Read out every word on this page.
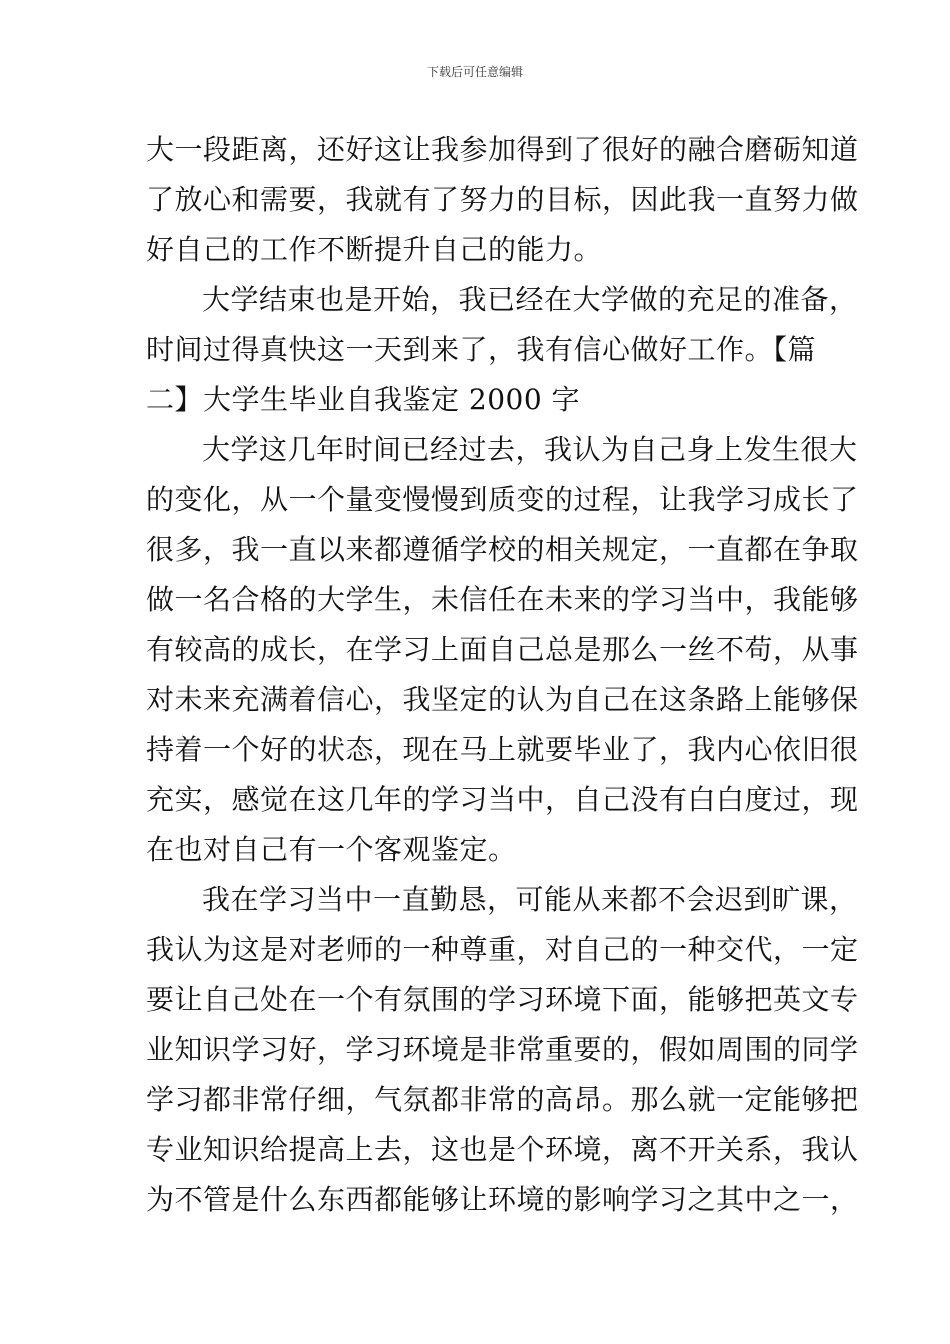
下载后可任意编辑
大一段距离，还好这让我参加得到了很好的融合磨砺知道
了放心和需要，我就有了努力的目标，因此我一直努力做
好自己的工作不断提升自己的能力。
大学结束也是开始，我已经在大学做的充足的准备，
时间过得真快这一天到来了，我有信心做好工作。【篇
二】大学生毕业自我鉴定 2000 字
大学这几年时间已经过去，我认为自己身上发生很大
的变化，从一个量变慢慢到质变的过程，让我学习成长了
很多，我一直以来都遵循学校的相关规定，一直都在争取
做一名合格的大学生，未信任在未来的学习当中，我能够
有较高的成长，在学习上面自己总是那么一丝不苟，从事
对未来充满着信心，我坚定的认为自己在这条路上能够保
持着一个好的状态，现在马上就要毕业了，我内心依旧很
充实，感觉在这几年的学习当中，自己没有白白度过，现
在也对自己有一个客观鉴定。
我在学习当中一直勤恳，可能从来都不会迟到旷课，
我认为这是对老师的一种尊重，对自己的一种交代，一定
要让自己处在一个有氛围的学习环境下面，能够把英文专
业知识学习好，学习环境是非常重要的，假如周围的同学
学习都非常仔细，气氛都非常的高昂。那么就一定能够把
专业知识给提高上去，这也是个环境，离不开关系，我认
为不管是什么东西都能够让环境的影响学习之其中之一，
